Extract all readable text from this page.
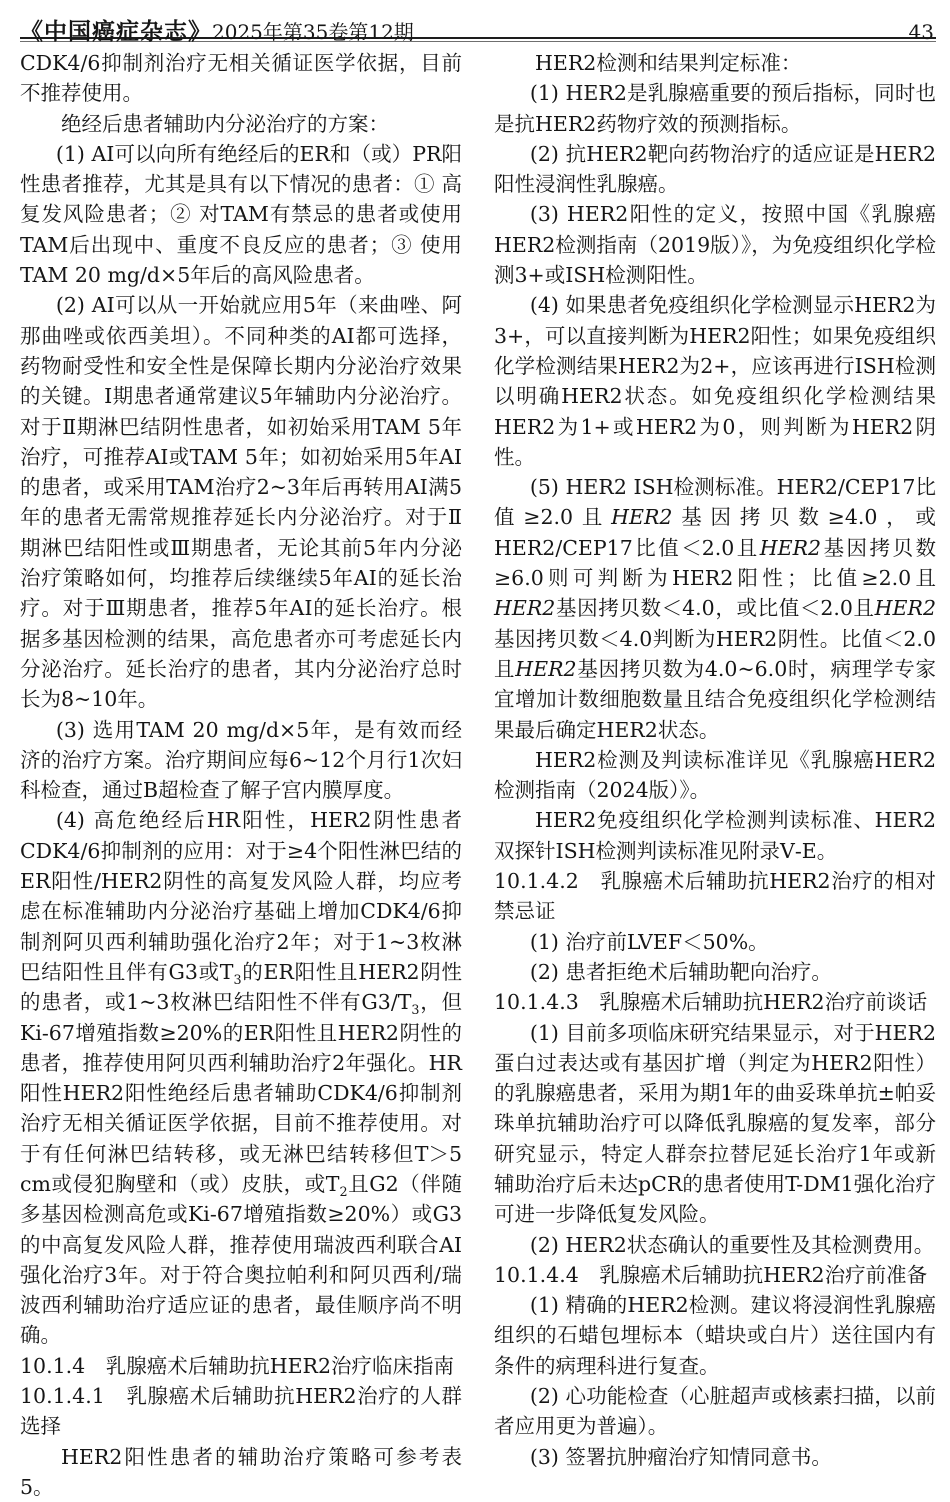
《中国癌症杂志》 2025年第35卷第12期	43

CDK4/6抑制剂治疗无相关循证医学依据，目前不推荐使用。

绝经后患者辅助内分泌治疗的方案：

(1) AI可以向所有绝经后的ER和（或）PR阳性患者推荐，尤其是具有以下情况的患者：① 高复发风险患者；② 对TAM有禁忌的患者或使用TAM后出现中、重度不良反应的患者；③ 使用TAM 20 mg/d×5年后的高风险患者。

(2) AI可以从一开始就应用5年（来曲唑、阿那曲唑或依西美坦）。不同种类的AI都可选择，药物耐受性和安全性是保障长期内分泌治疗效果的关键。Ⅰ期患者通常建议5年辅助内分泌治疗。对于Ⅱ期淋巴结阴性患者，如初始采用TAM 5年治疗，可推荐AI或TAM 5年；如初始采用5年AI的患者，或采用TAM治疗2~3年后再转用AI满5年的患者无需常规推荐延长内分泌治疗。对于Ⅱ期淋巴结阳性或Ⅲ期患者，无论其前5年内分泌治疗策略如何，均推荐后续继续5年AI的延长治疗。对于Ⅲ期患者，推荐5年AI的延长治疗。根据多基因检测的结果，高危患者亦可考虑延长内分泌治疗。延长治疗的患者，其内分泌治疗总时长为8~10年。

(3) 选用TAM 20 mg/d×5年，是有效而经济的治疗方案。治疗期间应每6~12个月行1次妇科检查，通过B超检查了解子宫内膜厚度。

(4) 高危绝经后HR阳性，HER2阴性患者CDK4/6抑制剂的应用：对于≥4个阳性淋巴结的ER阳性/HER2阴性的高复发风险人群，均应考虑在标准辅助内分泌治疗基础上增加CDK4/6抑制剂阿贝西利辅助强化治疗2年；对于1~3枚淋巴结阳性且伴有G3或$T_3$的ER阳性且HER2阴性的患者，或1~3枚淋巴结阳性不伴有$G3/T_3$，但Ki-67增殖指数≥20%的ER阳性且HER2阴性的患者，推荐使用阿贝西利辅助治疗2年强化。HR阳性HER2阳性绝经后患者辅助CDK4/6抑制剂治疗无相关循证医学依据，目前不推荐使用。对于有任何淋巴结转移，或无淋巴结转移但T＞5 cm或侵犯胸壁和（或）皮肤，或$T_2$且G2（伴随多基因检测高危或Ki-67增殖指数≥20%）或G3的中高复发风险人群，推荐使用瑞波西利联合AI强化治疗3年。对于符合奥拉帕利和阿贝西利/瑞波西利辅助治疗适应证的患者，最佳顺序尚不明确。

10.1.4　乳腺癌术后辅助抗HER2治疗临床指南

10.1.4.1　乳腺癌术后辅助抗HER2治疗的人群选择

HER2阳性患者的辅助治疗策略可参考表5。

HER2检测和结果判定标准：

(1) HER2是乳腺癌重要的预后指标，同时也是抗HER2药物疗效的预测指标。

(2) 抗HER2靶向药物治疗的适应证是HER2阳性浸润性乳腺癌。

(3) HER2阳性的定义，按照中国《乳腺癌HER2检测指南（2019版）》，为免疫组织化学检测3+或ISH检测阳性。

(4) 如果患者免疫组织化学检测显示HER2为3+，可以直接判断为HER2阳性；如果免疫组织化学检测结果HER2为2+，应该再进行ISH检测以明确HER2状态。如免疫组织化学检测结果HER2为1+或HER2为0，则判断为HER2阴性。

(5) HER2 ISH检测标准。HER2/CEP17比值≥2.0且HER2基因拷贝数≥4.0，或HER2/CEP17比值＜2.0且HER2基因拷贝数≥6.0则可判断为HER2阳性；比值≥2.0且HER2基因拷贝数＜4.0，或比值＜2.0且HER2基因拷贝数＜4.0判断为HER2阴性。比值＜2.0且HER2基因拷贝数为4.0~6.0时，病理学专家宜增加计数细胞数量且结合免疫组织化学检测结果最后确定HER2状态。

HER2检测及判读标准详见《乳腺癌HER2检测指南（2024版）》。

HER2免疫组织化学检测判读标准、HER2双探针ISH检测判读标准见附录Ⅴ-E。

10.1.4.2　乳腺癌术后辅助抗HER2治疗的相对禁忌证

(1) 治疗前LVEF＜50%。

(2) 患者拒绝术后辅助靶向治疗。

10.1.4.3　乳腺癌术后辅助抗HER2治疗前谈话

(1) 目前多项临床研究结果显示，对于HER2蛋白过表达或有基因扩增（判定为HER2阳性）的乳腺癌患者，采用为期1年的曲妥珠单抗±帕妥珠单抗辅助治疗可以降低乳腺癌的复发率，部分研究显示，特定人群奈拉替尼延长治疗1年或新辅助治疗后未达pCR的患者使用T-DM1强化治疗可进一步降低复发风险。

(2) HER2状态确认的重要性及其检测费用。

10.1.4.4　乳腺癌术后辅助抗HER2治疗前准备

(1) 精确的HER2检测。建议将浸润性乳腺癌组织的石蜡包埋标本（蜡块或白片）送往国内有条件的病理科进行复查。

(2) 心功能检查（心脏超声或核素扫描，以前者应用更为普遍）。

(3) 签署抗肿瘤治疗知情同意书。
